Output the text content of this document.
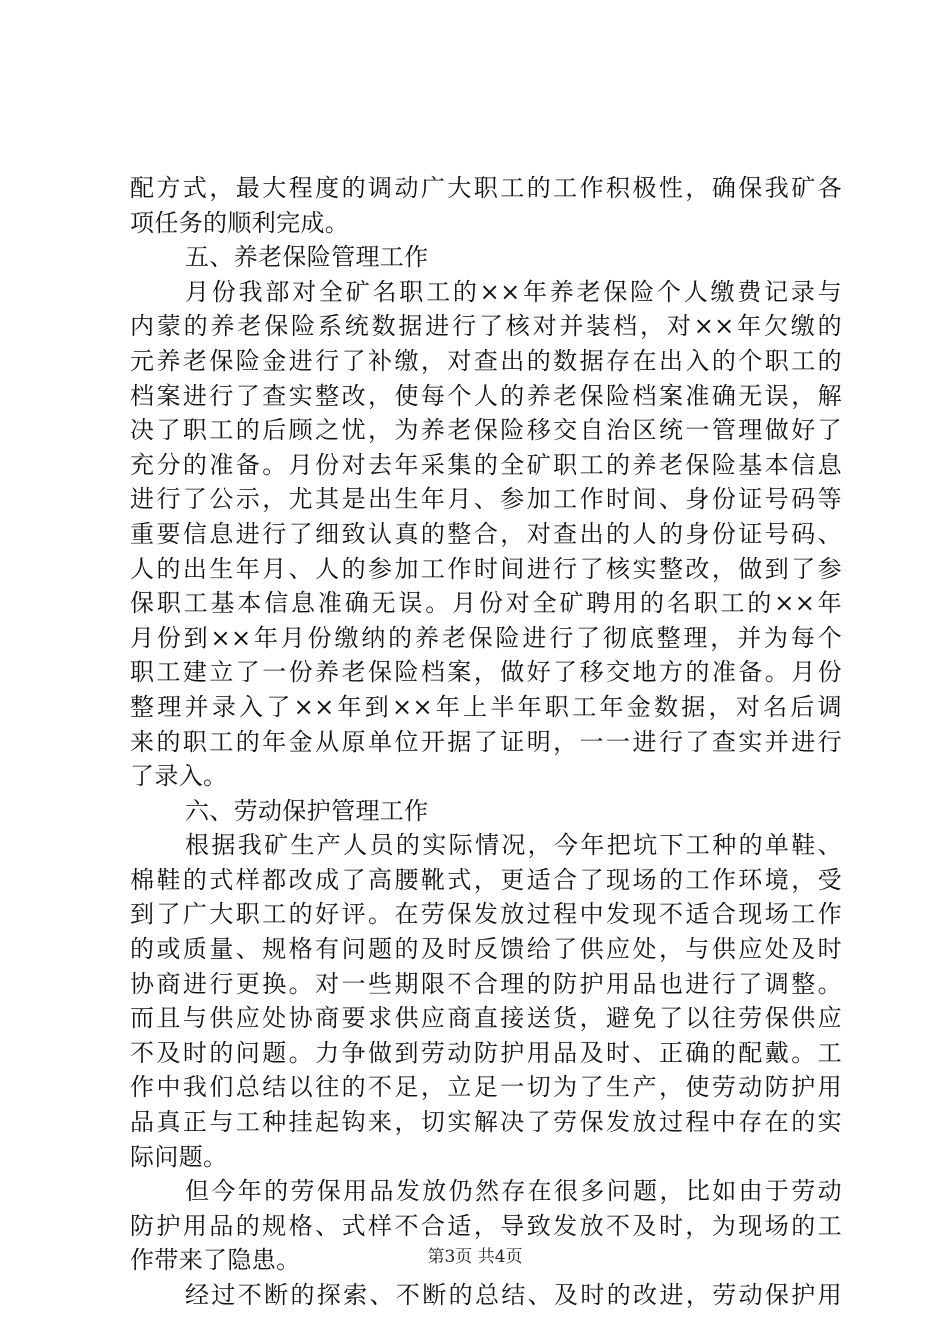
配方式，最大程度的调动广大职工的工作积极性，确保我矿各
项任务的顺利完成。
五、养老保险管理工作
月份我部对全矿名职工的××年养老保险个人缴费记录与
内蒙的养老保险系统数据进行了核对并装档，对××年欠缴的
元养老保险金进行了补缴，对查出的数据存在出入的个职工的
档案进行了查实整改，使每个人的养老保险档案准确无误，解
决了职工的后顾之忧，为养老保险移交自治区统一管理做好了
充分的准备。月份对去年采集的全矿职工的养老保险基本信息
进行了公示，尤其是出生年月、参加工作时间、身份证号码等
重要信息进行了细致认真的整合，对查出的人的身份证号码、
人的出生年月、人的参加工作时间进行了核实整改，做到了参
保职工基本信息准确无误。月份对全矿聘用的名职工的××年
月份到××年月份缴纳的养老保险进行了彻底整理，并为每个
职工建立了一份养老保险档案，做好了移交地方的准备。月份
整理并录入了××年到××年上半年职工年金数据，对名后调
来的职工的年金从原单位开据了证明，一一进行了查实并进行
了录入。
六、劳动保护管理工作
根据我矿生产人员的实际情况，今年把坑下工种的单鞋、
棉鞋的式样都改成了高腰靴式，更适合了现场的工作环境，受
到了广大职工的好评。在劳保发放过程中发现不适合现场工作
的或质量、规格有问题的及时反馈给了供应处，与供应处及时
协商进行更换。对一些期限不合理的防护用品也进行了调整。
而且与供应处协商要求供应商直接送货，避免了以往劳保供应
不及时的问题。力争做到劳动防护用品及时、正确的配戴。工
作中我们总结以往的不足，立足一切为了生产，使劳动防护用
品真正与工种挂起钩来，切实解决了劳保发放过程中存在的实
际问题。
但今年的劳保用品发放仍然存在很多问题，比如由于劳动
防护用品的规格、式样不合适，导致发放不及时，为现场的工
作带来了隐患。
经过不断的探索、不断的总结、及时的改进，劳动保护用
第3页 共4页
